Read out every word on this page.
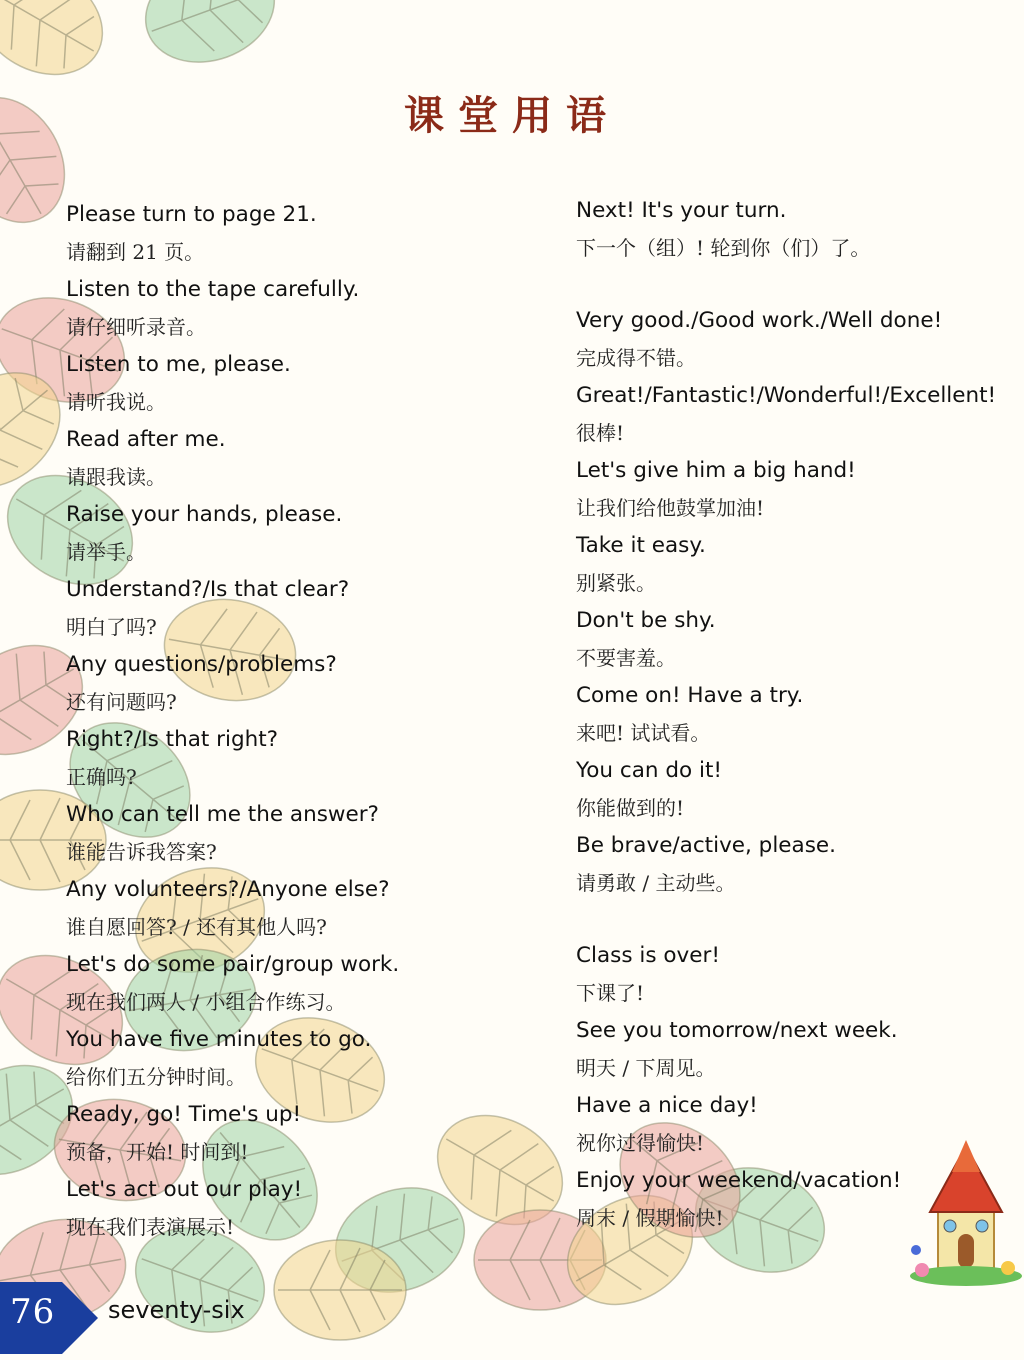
课堂用语
Please turn to page 21.
请翻到 21 页。
Listen to the tape carefully.
请仔细听录音。
Listen to me, please.
请听我说。
Read after me.
请跟我读。
Raise your hands, please.
请举手。
Understand?/Is that clear?
明白了吗?
Any questions/problems?
还有问题吗?
Right?/Is that right?
正确吗?
Who can tell me the answer?
谁能告诉我答案?
Any volunteers?/Anyone else?
谁自愿回答? / 还有其他人吗?
Let's do some pair/group work.
现在我们两人 / 小组合作练习。
You have five minutes to go.
给你们五分钟时间。
Ready, go! Time's up!
预备，开始! 时间到!
Let's act out our play!
现在我们表演展示!
Next! It's your turn.
下一个（组）! 轮到你（们）了。
Very good./Good work./Well done!
完成得不错。
Great!/Fantastic!/Wonderful!/Excellent!
很棒!
Let's give him a big hand!
让我们给他鼓掌加油!
Take it easy.
别紧张。
Don't be shy.
不要害羞。
Come on! Have a try.
来吧! 试试看。
You can do it!
你能做到的!
Be brave/active, please.
请勇敢 / 主动些。
Class is over!
下课了!
See you tomorrow/next week.
明天 / 下周见。
Have a nice day!
祝你过得愉快!
Enjoy your weekend/vacation!
周末 / 假期愉快!
76 seventy-six
